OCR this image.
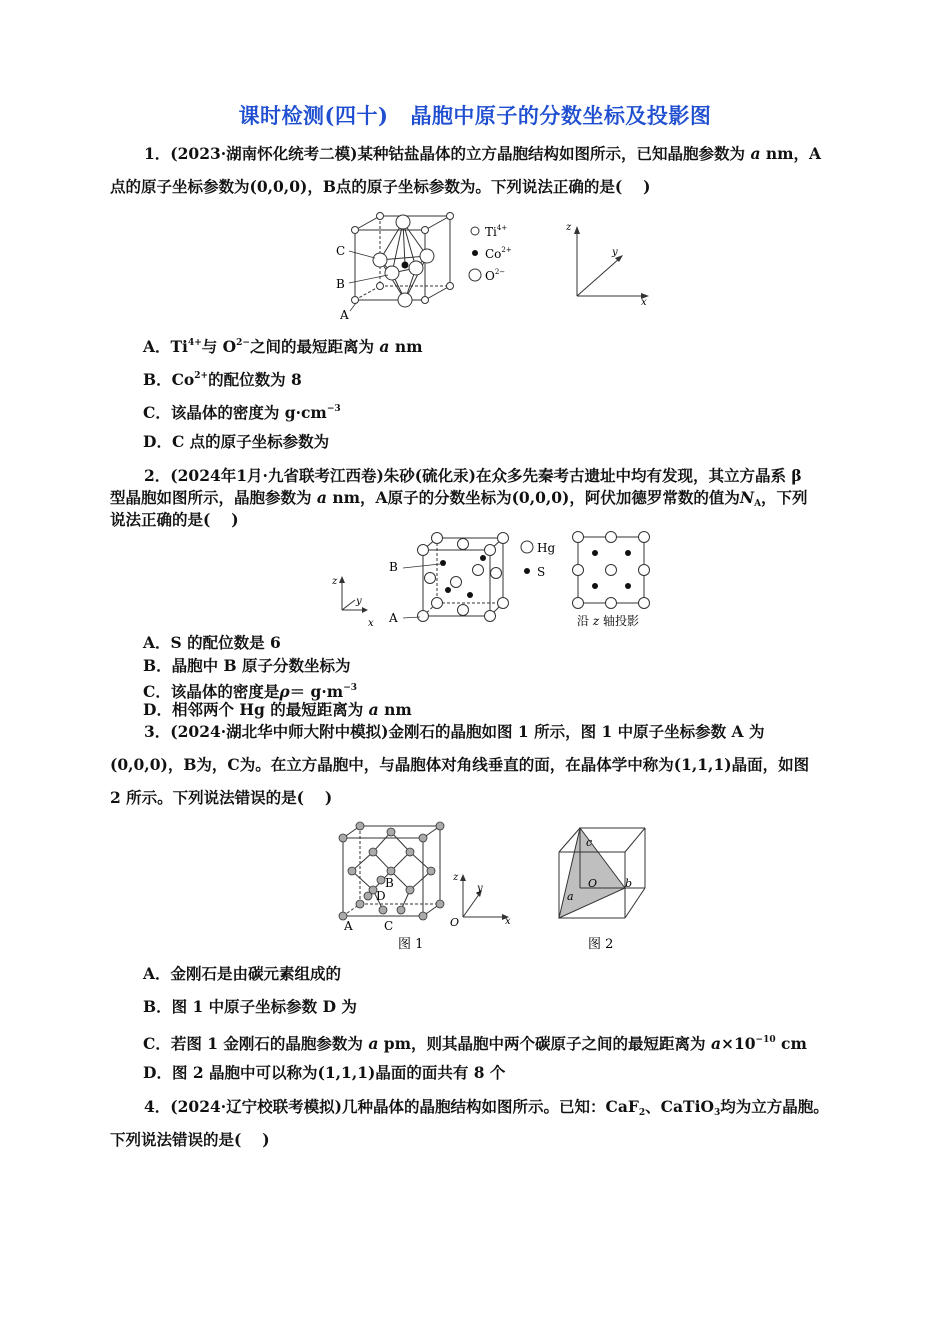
课时检测(四十) 晶胞中原子的分数坐标及投影图
1．(2023·湖南怀化统考二模)某种钴盐晶体的立方晶胞结构如图所示，已知晶胞参数为 a nm，A
点的原子坐标参数为(0,0,0)，B点的原子坐标参数为。下列说法正确的是(　 )
C
B
A
$Ti^{4+}$
$Co^{2+}$
$O^{2-}$
z
y
x
A．$Ti^{4+}$与 $O^{2-}$之间的最短距离为 a nm
B．$Co^{2+}$的配位数为 8
C．该晶体的密度为 $g\cdot cm^{-3}$
D．C 点的原子坐标参数为
2．(2024年1月·九省联考江西卷)朱砂(硫化汞)在众多先秦考古遗址中均有发现，其立方晶系 β
型晶胞如图所示，晶胞参数为 a nm，A原子的分数坐标为(0,0,0)，阿伏加德罗常数的值为$N_A$，下列
说法正确的是(　 )
B
A
z
y
x
Hg
S
沿 z 轴投影
A．S 的配位数是 6
B．晶胞中 B 原子分数坐标为
C．该晶体的密度是$\rho= g\cdot m^{-3}$
D．相邻两个 Hg 的最短距离为 a nm
3．(2024·湖北华中师大附中模拟)金刚石的晶胞如图 1 所示，图 1 中原子坐标参数 A 为
(0,0,0)，B为，C为。在立方晶胞中，与晶胞体对角线垂直的面，在晶体学中称为(1,1,1)晶面，如图
2 所示。下列说法错误的是(　 )
B
D
A	C
图 1
z
y
x
O
c
O	b
a
图 2
A．金刚石是由碳元素组成的
B．图 1 中原子坐标参数 D 为
C．若图 1 金刚石的晶胞参数为 a pm，则其晶胞中两个碳原子之间的最短距离为 $a\times 10^{-10}$ cm
D．图 2 晶胞中可以称为(1,1,1)晶面的面共有 8 个
4．(2024·辽宁校联考模拟)几种晶体的晶胞结构如图所示。已知：CaF$_2$、CaTiO$_3$均为立方晶胞。
下列说法错误的是(　 )
